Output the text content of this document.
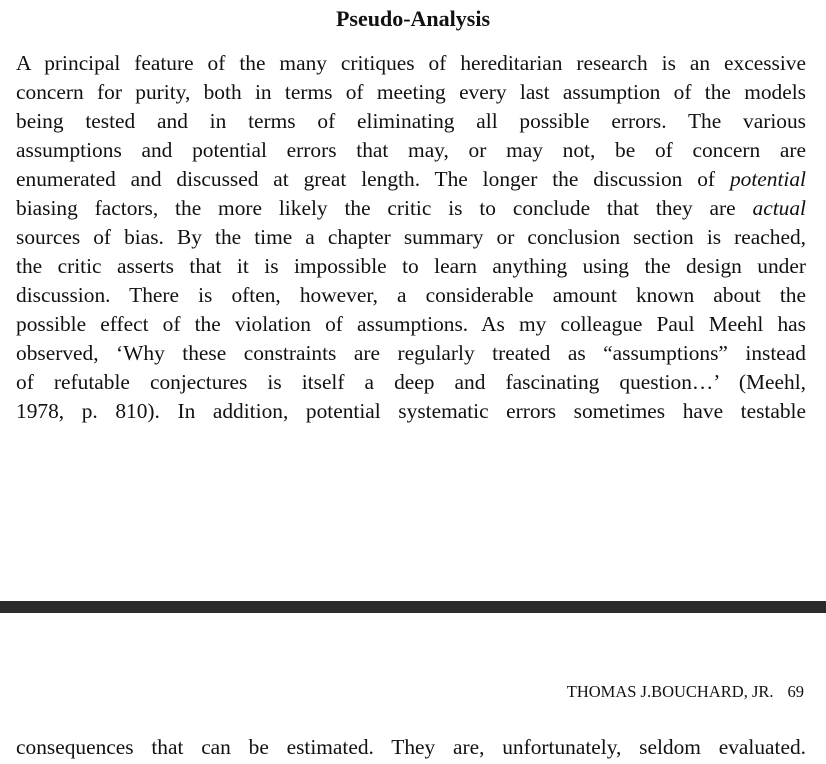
Pseudo-Analysis
A principal feature of the many critiques of hereditarian research is an excessive
concern for purity, both in terms of meeting every last assumption of the models
being tested and in terms of eliminating all possible errors. The various
assumptions and potential errors that may, or may not, be of concern are
enumerated and discussed at great length. The longer the discussion of potential
biasing factors, the more likely the critic is to conclude that they are actual
sources of bias. By the time a chapter summary or conclusion section is reached,
the critic asserts that it is impossible to learn anything using the design under
discussion. There is often, however, a considerable amount known about the
possible effect of the violation of assumptions. As my colleague Paul Meehl has
observed, ‘Why these constraints are regularly treated as “assumptions” instead
of refutable conjectures is itself a deep and fascinating question…’ (Meehl,
1978, p. 810). In addition, potential systematic errors sometimes have testable
THOMAS J.BOUCHARD, JR. 69
consequences that can be estimated. They are, unfortunately, seldom evaluated.
